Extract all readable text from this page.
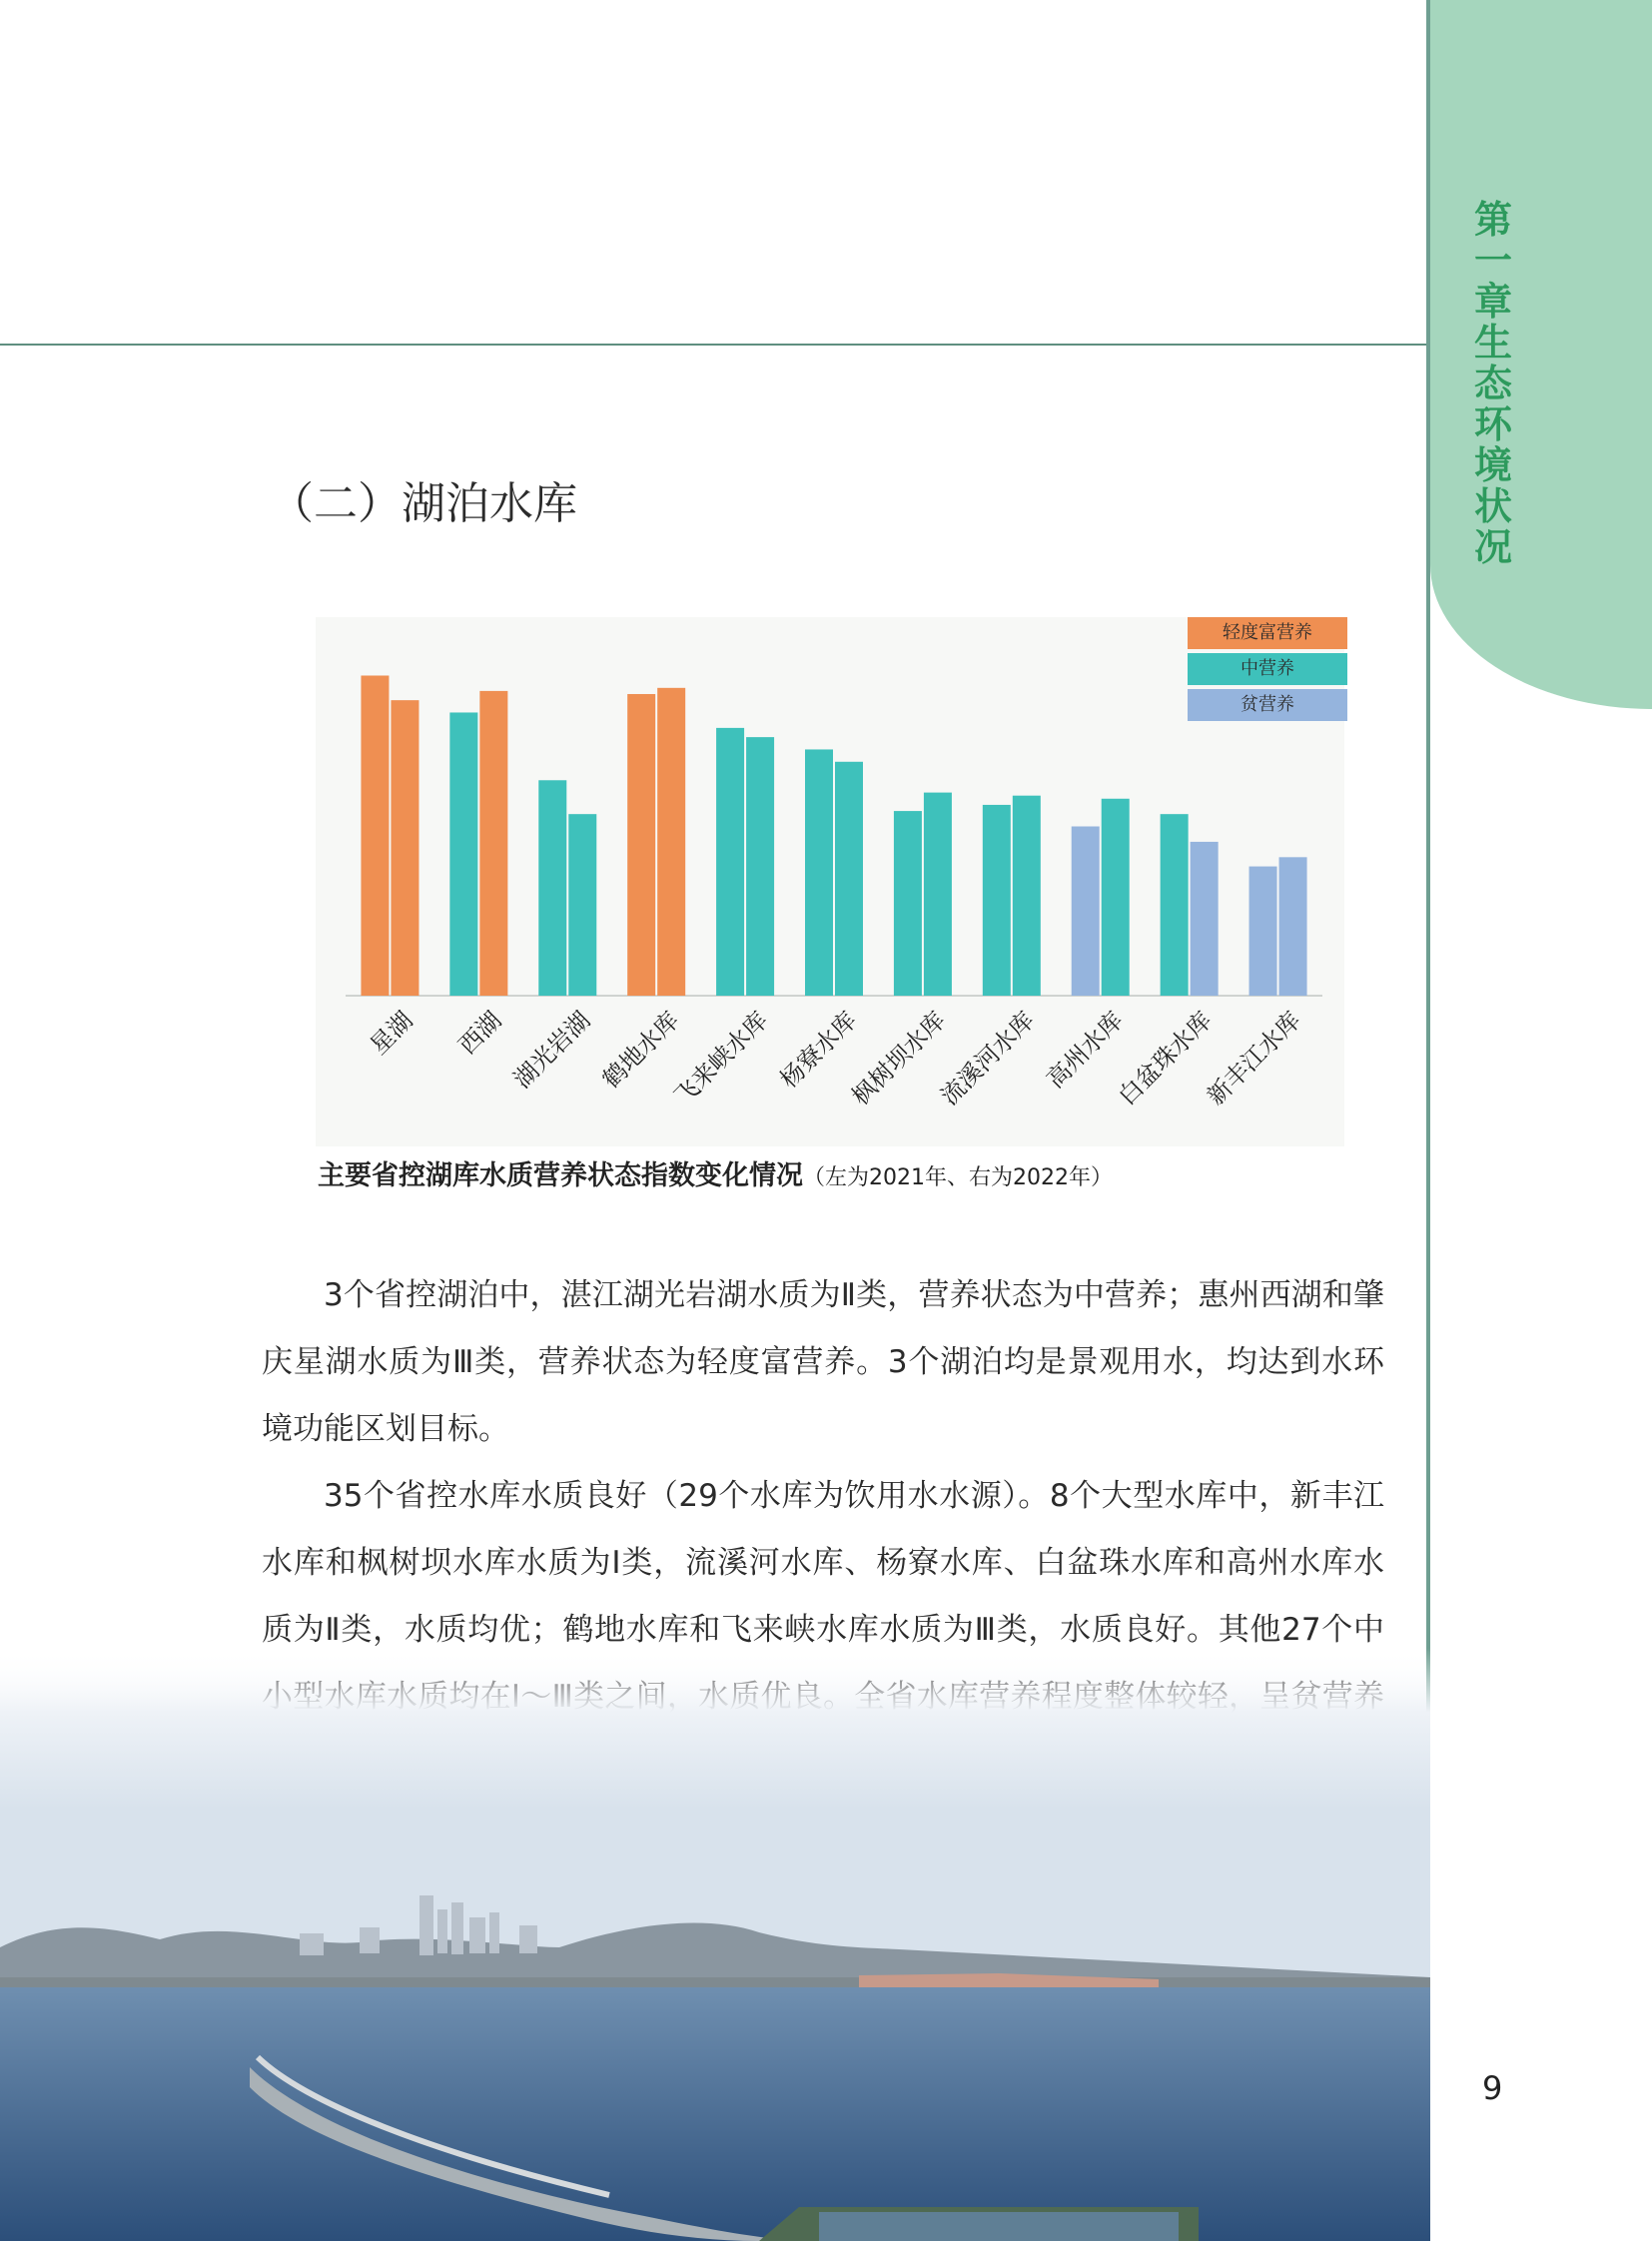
第一章 生态环境状况
（二）湖泊水库
星湖 西湖 湖光岩湖 鹤地水库
飞来峡水库 杨寮水库
枫树坝水库
流溪河水库 高州水库
白盆珠水库
新丰江水库
轻度富营养
中营养
贫营养
主要省控湖库水质营养状态指数变化情况（左为2021年、右为2022年）

3个省控湖泊中，湛江湖光岩湖水质为Ⅱ类，营养状态为中营养；惠州西湖和肇庆星湖水质为Ⅲ类，营养状态为轻度富营养。3个湖泊均是景观用水，均达到水环境功能区划目标。

35个省控水库水质良好（29个水库为饮用水水源）。8个大型水库中，新丰江水库和枫树坝水库水质为Ⅰ类，流溪河水库、杨寮水库、白盆珠水库和高州水库水质为Ⅱ类，水质均优；鹤地水库和飞来峡水库水质为Ⅲ类，水质良好。其他27个中

9
